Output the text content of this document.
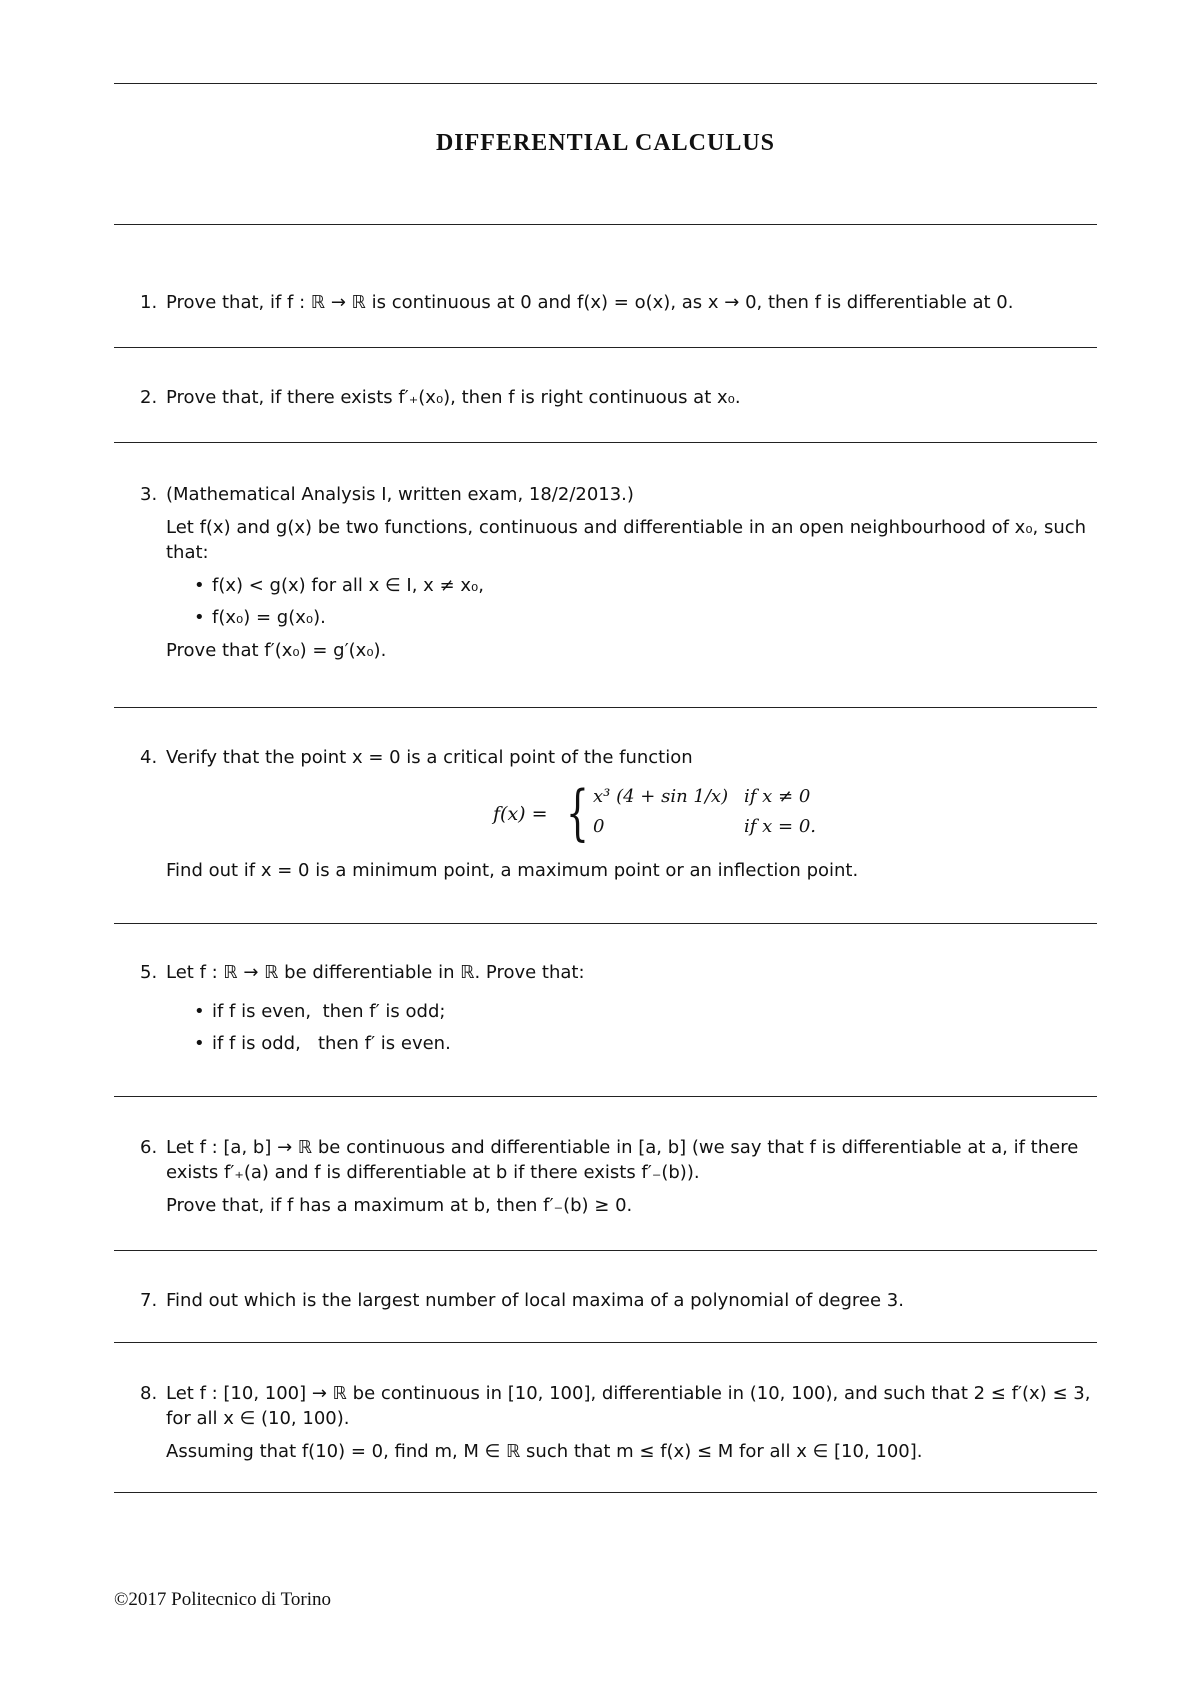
DIFFERENTIAL CALCULUS
1. Prove that, if f : ℝ → ℝ is continuous at 0 and f(x) = o(x), as x → 0, then f is differentiable at 0.

2. Prove that, if there exists f′₊(x₀), then f is right continuous at x₀.

3. (Mathematical Analysis I, written exam, 18/2/2013.)

Let f(x) and g(x) be two functions, continuous and differentiable in an open neighbourhood of x₀, such that:

• f(x) < g(x) for all x ∈ I, x ≠ x₀,
• f(x₀) = g(x₀).

Prove that f′(x₀) = g′(x₀).

4. Verify that the point x = 0 is a critical point of the function

f(x) = { x³ (4 + sin 1/x) if x ≠ 0
0	if x = 0.

Find out if x = 0 is a minimum point, a maximum point or an inflection point.

5. Let f : ℝ → ℝ be differentiable in ℝ. Prove that:

• if f is even,  then f′ is odd;
• if f is odd,   then f′ is even.
6. Let f : [a, b] → ℝ be continuous and differentiable in [a, b] (we say that f is differentiable at a, if there exists f′₊(a) and f is differentiable at b if there exists f′₋(b)).

Prove that, if f has a maximum at b, then f′₋(b) ≥ 0.

7. Find out which is the largest number of local maxima of a polynomial of degree 3.

8. Let f : [10, 100] → ℝ be continuous in [10, 100], differentiable in (10, 100), and such that 2 ≤ f′(x) ≤ 3, for all x ∈ (10, 100).

Assuming that f(10) = 0, find m, M ∈ ℝ such that m ≤ f(x) ≤ M for all x ∈ [10, 100].

©2017 Politecnico di Torino
